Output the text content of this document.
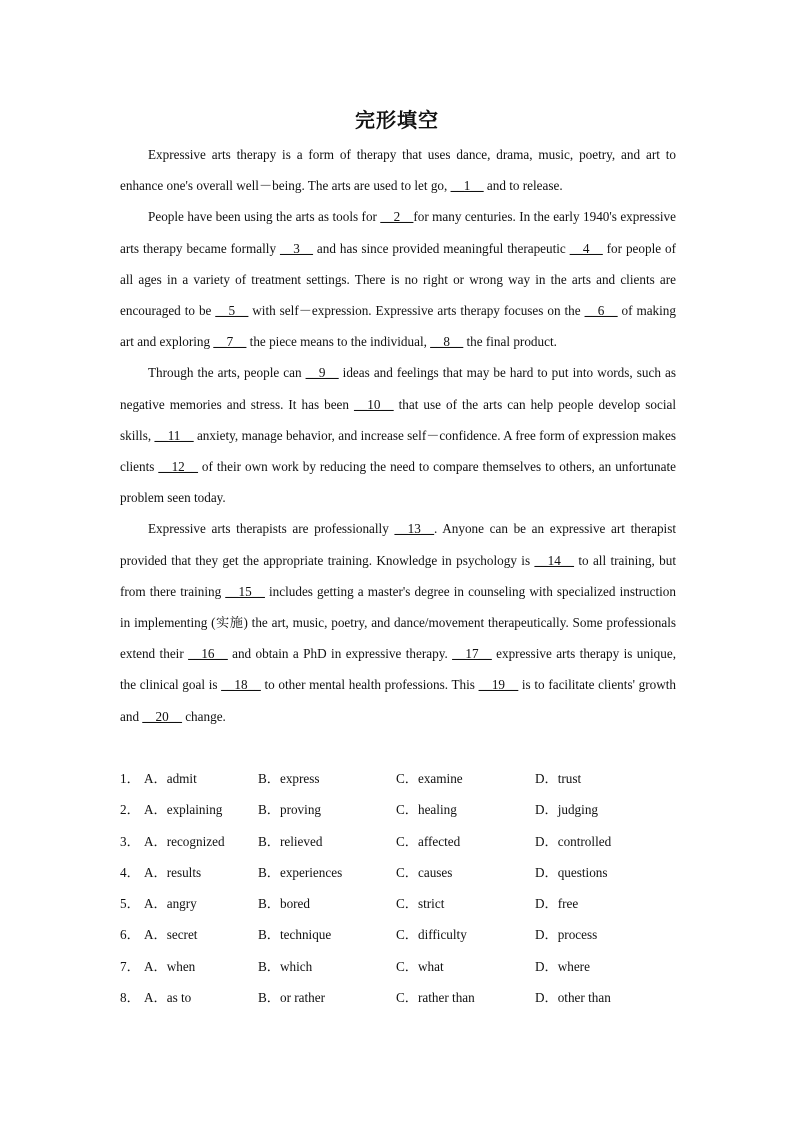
完形填空

Expressive arts therapy is a form of therapy that uses dance, drama, music, poetry, and art to enhance one's overall well－being. The arts are used to let go, __1__ and to release.

People have been using the arts as tools for __2__for many centuries. In the early 1940's expressive arts therapy became formally __3__ and has since provided meaningful therapeutic __4__ for people of all ages in a variety of treatment settings. There is no right or wrong way in the arts and clients are encouraged to be __5__ with self－expression. Expressive arts therapy focuses on the __6__ of making art and exploring __7__ the piece means to the individual, __8__ the final product.

Through the arts, people can __9__ ideas and feelings that may be hard to put into words, such as negative memories and stress. It has been __10__ that use of the arts can help people develop social skills, __11__ anxiety, manage behavior, and increase self－confidence. A free form of expression makes clients __12__ of their own work by reducing the need to compare themselves to others, an unfortunate problem seen today.

Expressive arts therapists are professionally __13__. Anyone can be an expressive art therapist provided that they get the appropriate training. Knowledge in psychology is __14__ to all training, but from there training __15__ includes getting a master's degree in counseling with specialized instruction in implementing (实施) the art, music, poetry, and dance/movement therapeutically. Some professionals extend their __16__ and obtain a PhD in expressive therapy. __17__ expressive arts therapy is unique, the clinical goal is __18__ to other mental health professions. This __19__ is to facilitate clients' growth and __20__ change.

1． A．admit	B．express	C．examine	D．trust
2． A．explaining	B．proving	C．healing	D．judging
3． A．recognized	B．relieved	C．affected	D．controlled
4． A．results	B．experiences	C．causes	D．questions
5． A．angry	B．bored	C．strict	D．free
6． A．secret	B．technique	C．difficulty	D．process
7． A．when	B．which	C．what	D．where
8． A．as to	B．or rather	C．rather than	D．other than
